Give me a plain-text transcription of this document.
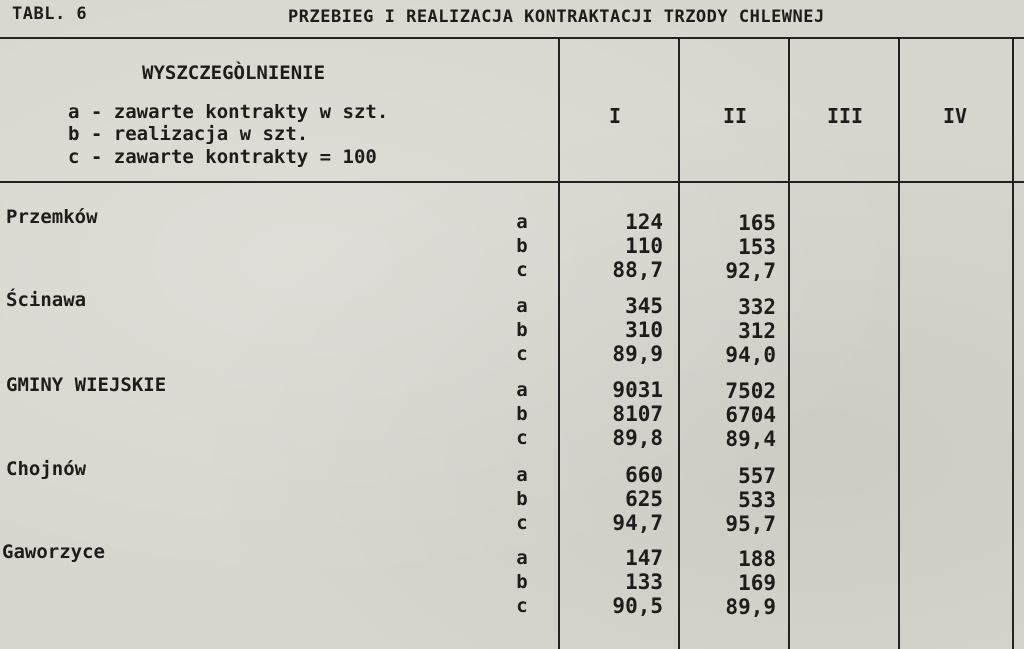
TABL. 6	PRZEBIEG I REALIZACJA KONTRAKTACJI TRZODY CHLEWNEJ
WYSZCZEGÒLNIENIE
a - zawarte kontrakty w szt.
b - realizacja w szt.
c - zawarte kontrakty = 100
I	II	III	IV
Przemków	a	124	165
b	110	153
c	88,7	92,7
Ścinawa	a	345	332
b	310	312
c	89,9	94,0
GMINY WIEJSKIE	a	9031	7502
b	8107	6704
c	89,8	89,4
Chojnów	a	660	557
b	625	533
c	94,7	95,7
Gaworzyce	a	147	188
b	133	169
c	90,5	89,9
